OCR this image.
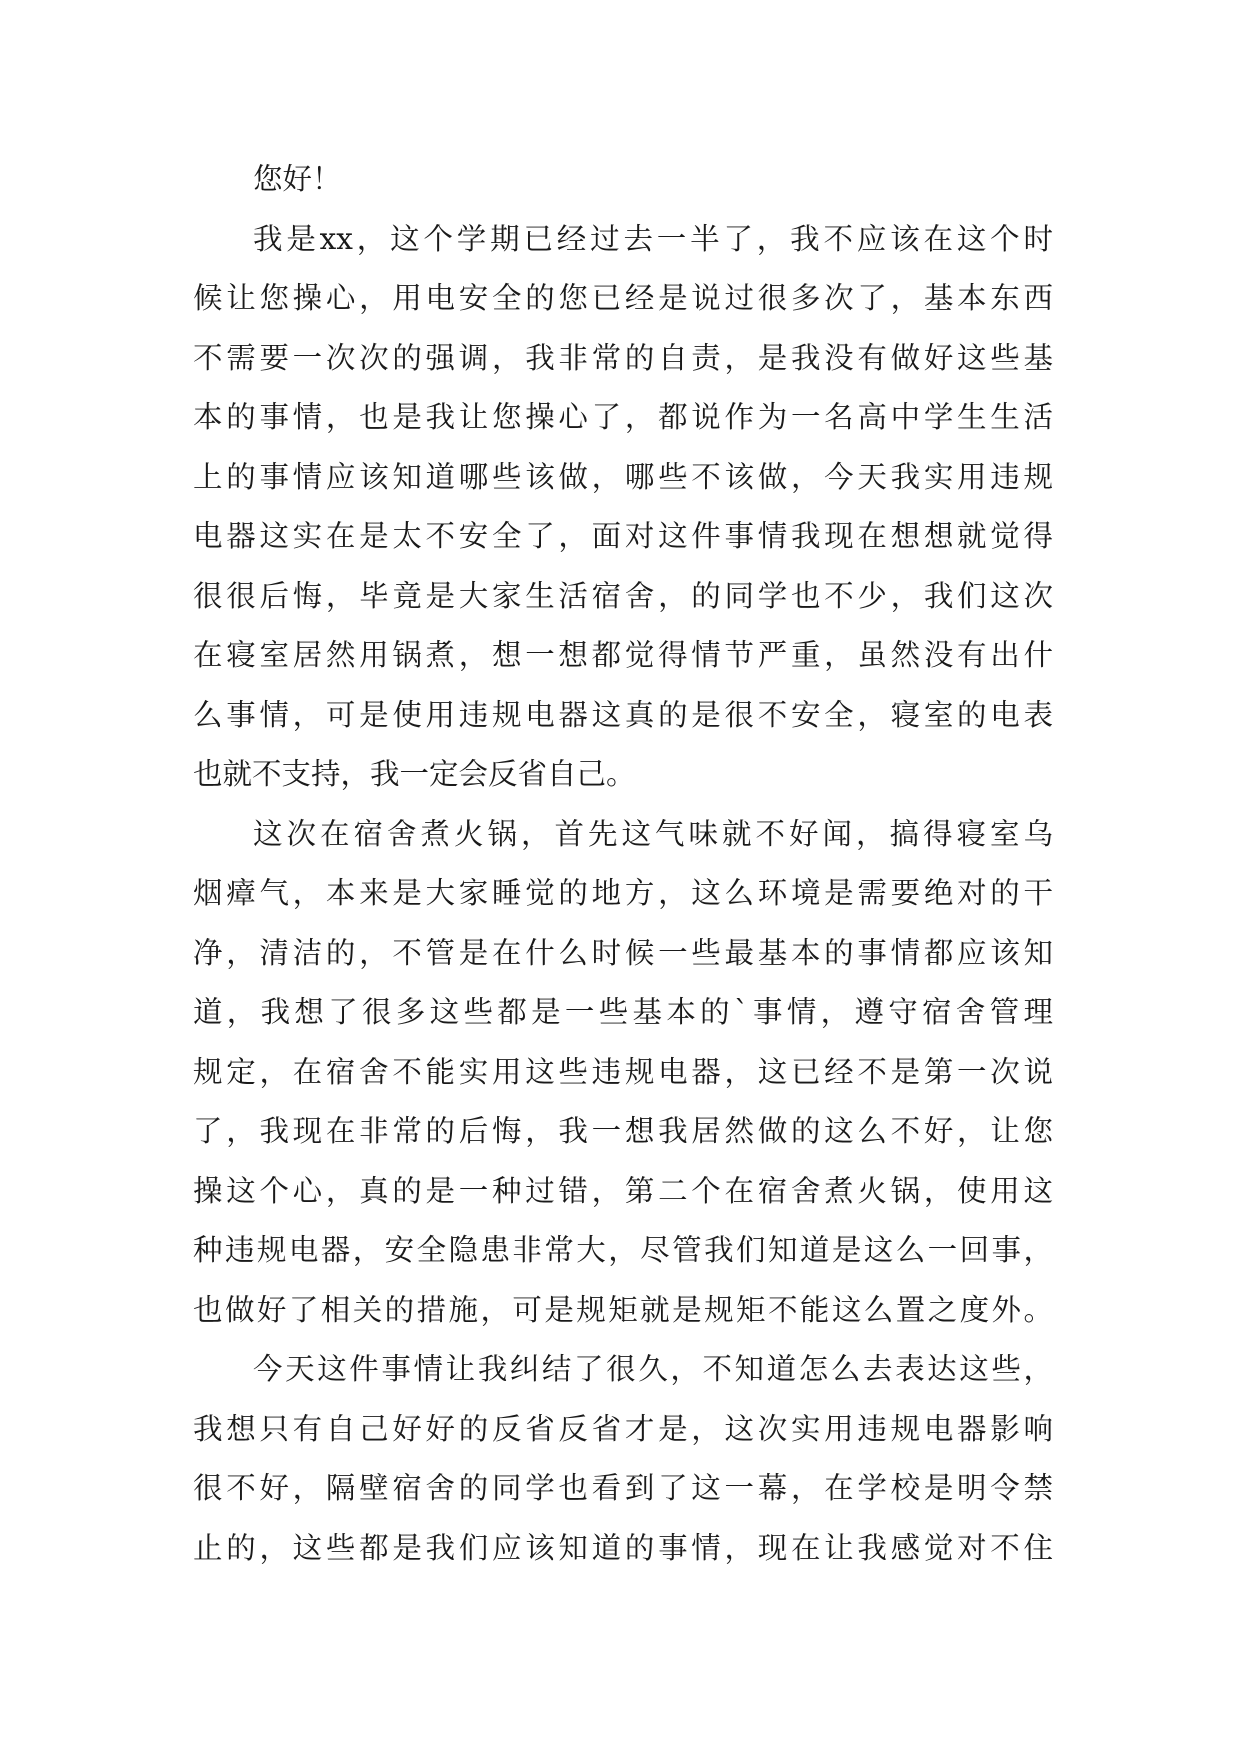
您好！
我是xx，这个学期已经过去一半了，我不应该在这个时
候让您操心，用电安全的您已经是说过很多次了，基本东西
不需要一次次的强调，我非常的自责，是我没有做好这些基
本的事情，也是我让您操心了，都说作为一名高中学生生活
上的事情应该知道哪些该做，哪些不该做，今天我实用违规
电器这实在是太不安全了，面对这件事情我现在想想就觉得
很很后悔，毕竟是大家生活宿舍，的同学也不少，我们这次
在寝室居然用锅煮，想一想都觉得情节严重，虽然没有出什
么事情，可是使用违规电器这真的是很不安全，寝室的电表
也就不支持，我一定会反省自己。
这次在宿舍煮火锅，首先这气味就不好闻，搞得寝室乌
烟瘴气，本来是大家睡觉的地方，这么环境是需要绝对的干
净，清洁的，不管是在什么时候一些最基本的事情都应该知
道，我想了很多这些都是一些基本的`事情，遵守宿舍管理
规定，在宿舍不能实用这些违规电器，这已经不是第一次说
了，我现在非常的后悔，我一想我居然做的这么不好，让您
操这个心，真的是一种过错，第二个在宿舍煮火锅，使用这
种违规电器，安全隐患非常大，尽管我们知道是这么一回事，
也做好了相关的措施，可是规矩就是规矩不能这么置之度外。
今天这件事情让我纠结了很久，不知道怎么去表达这些，
我想只有自己好好的反省反省才是，这次实用违规电器影响
很不好，隔壁宿舍的同学也看到了这一幕，在学校是明令禁
止的，这些都是我们应该知道的事情，现在让我感觉对不住
